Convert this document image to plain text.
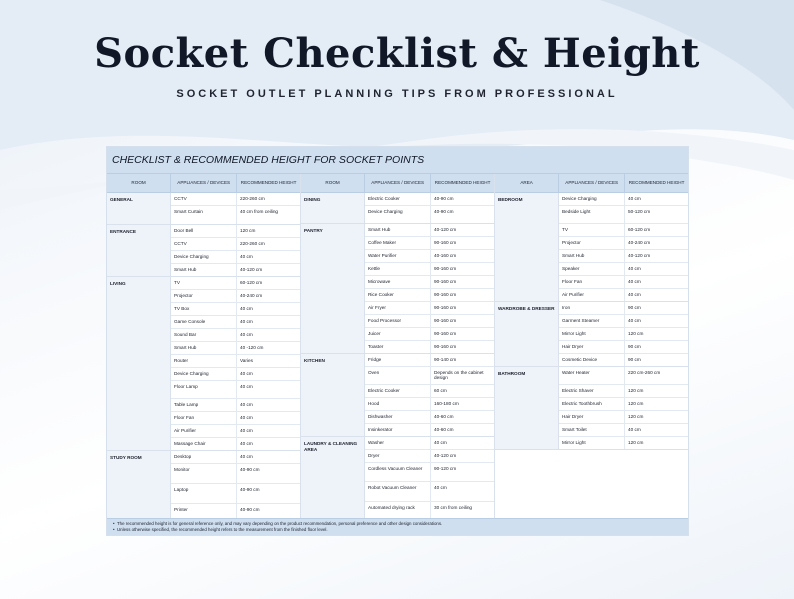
Socket Checklist & Height
SOCKET OUTLET PLANNING TIPS FROM PROFESSIONAL
CHECKLIST & RECOMMENDED HEIGHT FOR SOCKET POINTS
ROOM	APPLIANCES / DEVICES	RECOMMENDED HEIGHT
GENERAL	CCTV	220-260 cm
Smart Curtain	40 cm from ceiling
ENTRANCE	Door Bell	120 cm
CCTV	220-260 cm
Device Charging	40 cm
Smart Hub	40-120 cm
LIVING	TV	60-120 cm
Projector	40-240 cm
TV Box	40 cm
Game Console	40 cm
Sound Bar	40 cm
Smart Hub	40 -120 cm
Router	Varies
Device Charging	40 cm
Floor Lamp	40 cm
Table Lamp	40 cm
Floor Fan	40 cm
Air Purifier	40 cm
Massage Chair	40 cm
STUDY ROOM	Desktop	40 cm
Monitor	40-90 cm
Laptop	40-90 cm
Printer	40-90 cm
ROOM	APPLIANCES / DEVICES	RECOMMENDED HEIGHT
DINING	Electric Cooker	40-90 cm
Device Charging	40-90 cm
PANTRY	Smart Hub	40-120 cm
Coffee Maker	90-160 cm
Water Purifier	40-160 cm
Kettle	90-160 cm
Microwave	90-160 cm
Rice Cooker	90-160 cm
Air Fryer	90-160 cm
Food Processor	90-160 cm
Juicer	90-160 cm
Toaster	90-160 cm
KITCHEN	Fridge	90-140 cm
Oven	Depends on the cabinet design
Electric Cooker	60 cm
Hood	160-180 cm
Dishwasher	40-60 cm
Insinkerator	40-60 cm
LAUNDRY & CLEANING AREA
Washer	40 cm
Dryer	40-120 cm
Cordless Vacuum Cleaner	90-120 cm
Robot Vacuum Cleaner	40 cm
Automated drying rack	30 cm from ceiling
AREA	APPLIANCES / DEVICES	RECOMMENDED HEIGHT
BEDROOM	Device Charging	40 cm
Bedside Light	50-120 cm
TV	60-120 cm
Projector	40-240 cm
Smart Hub	40-120 cm
Speaker	40 cm
Floor Fan	40 cm
Air Purifier	40 cm
WARDROBE & DRESSER	Iron	90 cm
Garment Steamer	40 cm
Mirror Light	120 cm
Hair Dryer	90 cm
Cosmetic Device	90 cm
BATHROOM	Water Heater	220 cm-260 cm
Electric Shaver	120 cm
Electric Toothbrush	120 cm
Hair Dryer	120 cm
Smart Toilet	40 cm
Mirror Light	120 cm
•  The recommended height is for general reference only, and may vary depending on the product recommendation, personal preference and other design considerations.
•  Unless otherwise specified, the recommended height refers to the measurement from the finished floor level.
